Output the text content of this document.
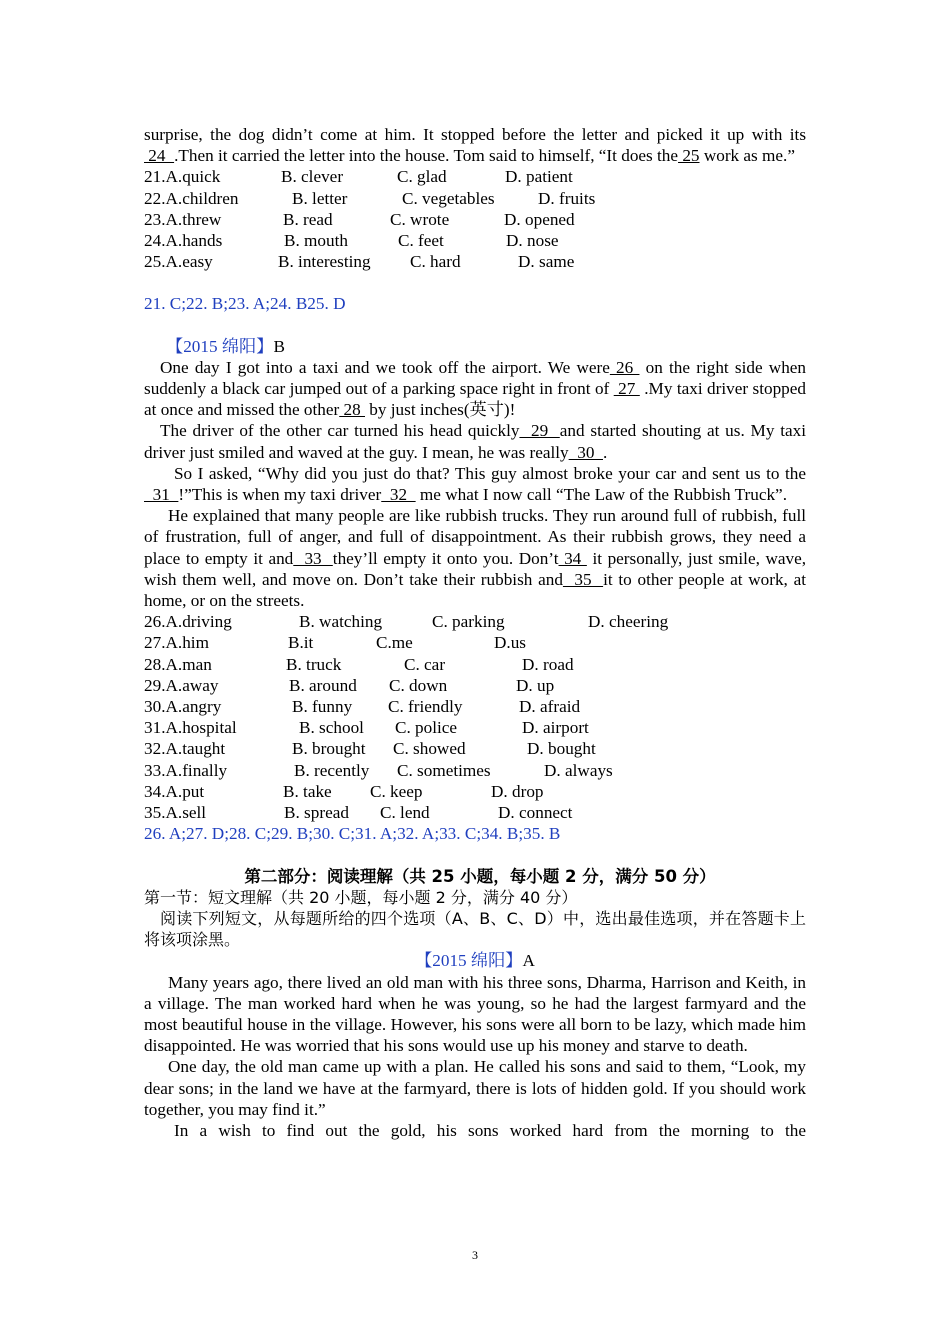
surprise, the dog didn’t come at him. It stopped before the letter and picked it up with its 24  .Then it carried the letter into the house. Tom said to himself, “It does the 25 work as me.”

21.A.quick	B. clever	C. glad	D. patient
22.A.children	B. letter	C. vegetables	D. fruits
23.A.threw	B. read	C. wrote	D. opened
24.A.hands	B. mouth	C. feet	D. nose
25.A.easy	B. interesting	C. hard	D. same

21. C;22. B;23. A;24. B25. D

【2015 绵阳】B

One day I got into a taxi and we took off the airport. We were 26  on the right side when suddenly a black car jumped out of a parking space right in front of  27  .My taxi driver stopped at once and missed the other 28  by just inches(英寸)!

The driver of the other car turned his head quickly  29  and started shouting at us. My taxi driver just smiled and waved at the guy. I mean, he was really  30  .

So I asked, “Why did you just do that? This guy almost broke your car and sent us to the  31  !”This is when my taxi driver  32   me what I now call “The Law of the Rubbish Truck”.

He explained that many people are like rubbish trucks. They run around full of rubbish, full of frustration, full of anger, and full of disappointment. As their rubbish grows, they need a place to empty it and  33  they’ll empty it onto you. Don’t 34  it personally, just smile, wave, wish them well, and move on. Don’t take their rubbish and  35  it to other people at work, at home, or on the streets.

26.A.driving	B. watching	C. parking	D. cheering
27.A.him	B.it	C.me	D.us
28.A.man	B. truck	C. car	D. road
29.A.away	B. around	C. down	D. up
30.A.angry	B. funny	C. friendly	D. afraid
31.A.hospital	B. school	C. police	D. airport
32.A.taught	B. brought	C. showed	D. bought
33.A.finally	B. recently	C. sometimes	D. always
34.A.put	B. take	C. keep	D. drop
35.A.sell	B. spread	C. lend	D. connect

26. A;27. D;28. C;29. B;30. C;31. A;32. A;33. C;34. B;35. B

第二部分：阅读理解（共 25 小题，每小题 2 分，满分 50 分）

第一节：短文理解（共 20 小题，每小题 2 分，满分 40 分）

阅读下列短文，从每题所给的四个选项（A、B、C、D）中，选出最佳选项，并在答题卡上将该项涂黑。

【2015 绵阳】A

Many years ago, there lived an old man with his three sons, Dharma, Harrison and Keith, in a village. The man worked hard when he was young, so he had the largest farmyard and the most beautiful house in the village. However, his sons were all born to be lazy, which made him disappointed. He was worried that his sons would use up his money and starve to death.

One day, the old man came up with a plan. He called his sons and said to them, “Look, my dear sons; in the land we have at the farmyard, there is lots of hidden gold. If you should work together, you may find it.”

In a wish to find out the gold, his sons worked hard from the morning to the

3
